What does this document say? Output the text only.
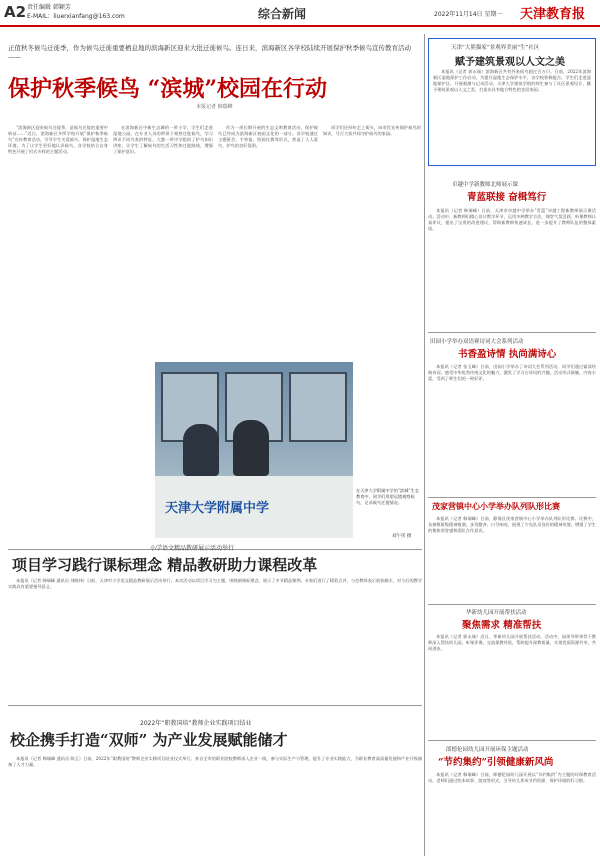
A2 责任编辑 韩颖芳
E-MAIL：liuerxianfang@163.com	综合新闻	2022年11月14日 星期一 天津教育报
正值秋冬候鸟迁徙季，作为候鸟迁徙重要栖息地的滨海新区迎来大批迁徙候鸟。连日来，滨海新区各学校陆续开展保护秋季候鸟宣传教育活动——
保护秋季候鸟 “滨城”校园在行动
本报记者 韩瑞峰
“滨海新区迎来候鸟迁徙季，是候鸟迁徙的重要中转站……”近日，滨海新区多所学校开展“保护秋季候鸟”宣传教育活动，引导学生关爱候鸟、保护湿地生态环境。为了让学生更好地认识候鸟，各学校结合自身特色开展了形式多样的主题活动。
在滨海新区中新生态城的一所小学，学生们走进湿地公园，在专业人员的带领下观察迁徙候鸟，学习辨识不同鸟类的特征。大港一所中学组织了护鸟知识讲座，让学生了解候鸟的生活习性和迁徙路线，增强了保护意识。
作为一项长期开展的生态文明教育活动，保护候鸟已经成为滨海新区校园文化的一部分。各学校通过主题班会、手抄报、绘画比赛等形式，营造了人人爱鸟、护鸟的良好氛围。
同学们还纷纷走上街头，向市民宣传保护候鸟的知识，号召大家共同守护候鸟的家园。
天津大学附属中学
在天津大学附属中学的“滨城”生态教育中，同学们用望远镜观察候鸟，记录候鸟迁徙情况。
刘午彤 摄
小学语文精品教研展示活动举行
项目学习践行课标理念 精品教研助力课程改革
本报讯（记者 韩瑞峰 通讯员 刘晓伟）日前，天津市小学语文精品教研展示活动举行。本次活动以项目学习为主题，围绕新课标理念，展示了多节精品课例。专家们进行了精彩点评，与会教师表示收获颇丰，对今后的教学实践具有重要指导意义。
2022年“职教国培”教师企业实践项目结业
校企携手打造“双师” 为产业发展赋能储才
本报讯（记者 韩瑞峰 通讯员 陈玉）日前，2022年“职教国培”教师企业实践项目结业仪式举行。来自全市的职业院校教师深入企业一线，参与实际生产与管理，提升了专业实践能力，为职业教育高质量发展和产业升级储备了人才力量。
天津“大熊猫家”景观界美丽“生”社区
赋予建筑景观以人文之美
本报讯（记者 郭永瑞）滨海新区共有外来候鸟超过百万只。日前，2022年滨海新区湿地保护工作启动，为提升湿地生态保护水平，各学校积极配合，学生们走进湿地保护区，开展观测与记录活动。天津大学建筑学院的师生参与了社区景观设计，赋予建筑景观以人文之美，打造出具有地方特色的宜居家园。
卓越中学新教师北师展示课
青蓝联接 奋楫笃行
本报讯（记者 韩瑞峰）日前，天津市卓越中学举办“青蓝”卓越工程新教师展示课活动。活动中，新教师们精心设计教学环节，运用多种教学方法，课堂气氛活跃。听课教师认真评议，提出了宝贵的改进建议，帮助新教师快速成长，进一步提升了教师队伍的整体素质。
田园小学举办双语赛诗词大会系列活动
书香盈诗情 执尚满诗心
本报讯（记者 张玉峰）日前，田园小学举办了诗词大会系列活动。同学们通过诵读经典诗词，感受中华优秀传统文化的魅力，激发了学习古诗词的兴趣。活动形式新颖，内容丰富，受到了师生们的一致好评。
茂家营镇中心小学举办队列队形比赛
本报讯（记者 韩瑞峰）日前，静海区茂家营镇中心小学举办队列队形比赛。比赛中，各参赛班级精神饱满，步伐整齐，口号响亮，展现了少先队员良好的精神风貌，增强了学生的集体荣誉感和团队合作意识。
华新幼儿园开展帮扶活动
聚焦需求 精准帮扶
本报讯（记者 郭永瑞）近日，华新幼儿园开展帮扶活动。活动中，园领导带领骨干教师深入帮扶幼儿园，听课评课，交流保教经验，帮助提升保教质量，实现优质资源共享，共同进步。
郎德伦园幼儿园开展环保主题活动
“节约集约”引领健康新风尚
本报讯（记者 韩瑞峰）日前，郎德伦园幼儿园开展以“节约集约”为主题的环保教育活动。老师们通过绘本故事、游戏等形式，引导幼儿养成节约资源、保护环境的好习惯。
